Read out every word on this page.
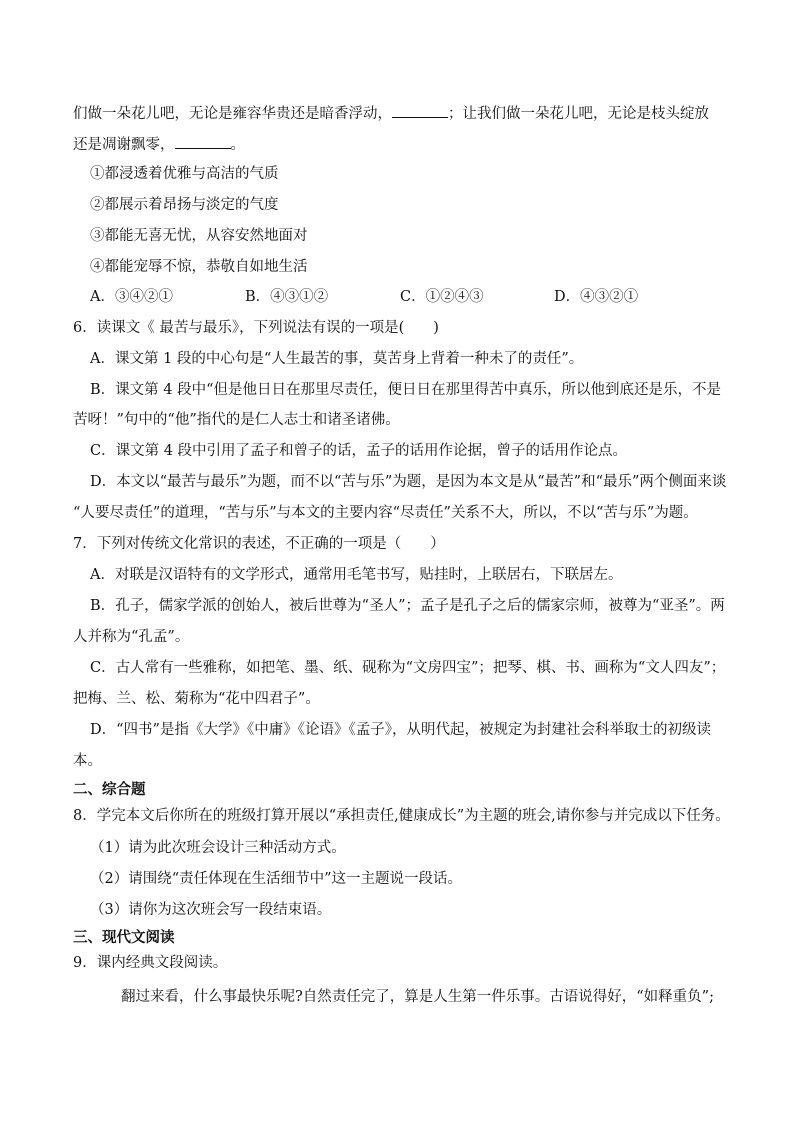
们做一朵花儿吧，无论是雍容华贵还是暗香浮动，	；让我们做一朵花儿吧，无论是枝头绽放
还是凋谢飘零，	。
①都浸透着优雅与高洁的气质
②都展示着昂扬与淡定的气度
③都能无喜无忧，从容安然地面对
④都能宠辱不惊，恭敬自如地生活
A．③④②①	B．④③①②	C．①②④③	D．④③②①
6．读课文《 最苦与最乐》，下列说法有误的一项是(　　)
A．课文第 1 段的中心句是“人生最苦的事，莫苦身上背着一种未了的责任”。
B．课文第 4 段中“但是他日日在那里尽责任，便日日在那里得苦中真乐，所以他到底还是乐，不是
苦呀！”句中的“他”指代的是仁人志士和诸圣诸佛。
C．课文第 4 段中引用了孟子和曾子的话，孟子的话用作论据，曾子的话用作论点。
D．本文以“最苦与最乐”为题，而不以“苦与乐”为题，是因为本文是从“最苦”和“最乐”两个侧面来谈
“人要尽责任”的道理，“苦与乐”与本文的主要内容“尽责任”关系不大，所以，不以“苦与乐”为题。
7．下列对传统文化常识的表述，不正确的一项是（　　）
A．对联是汉语特有的文学形式，通常用毛笔书写，贴挂时，上联居右，下联居左。
B．孔子，儒家学派的创始人，被后世尊为“圣人”；孟子是孔子之后的儒家宗师，被尊为“亚圣”。两
人并称为“孔孟”。
C．古人常有一些雅称，如把笔、墨、纸、砚称为“文房四宝”；把琴、棋、书、画称为“文人四友”；
把梅、兰、松、菊称为“花中四君子”。
D．“四书”是指《大学》《中庸》《论语》《孟子》，从明代起，被规定为封建社会科举取士的初级读
本。
二、综合题
8．学完本文后你所在的班级打算开展以“承担责任,健康成长”为主题的班会,请你参与并完成以下任务。
（1）请为此次班会设计三种活动方式。
（2）请围绕“责任体现在生活细节中”这一主题说一段话。
（3）请你为这次班会写一段结束语。
三、现代文阅读
9．课内经典文段阅读。
翻过来看，什么事最快乐呢?自然责任完了，算是人生第一件乐事。古语说得好，“如释重负”;
